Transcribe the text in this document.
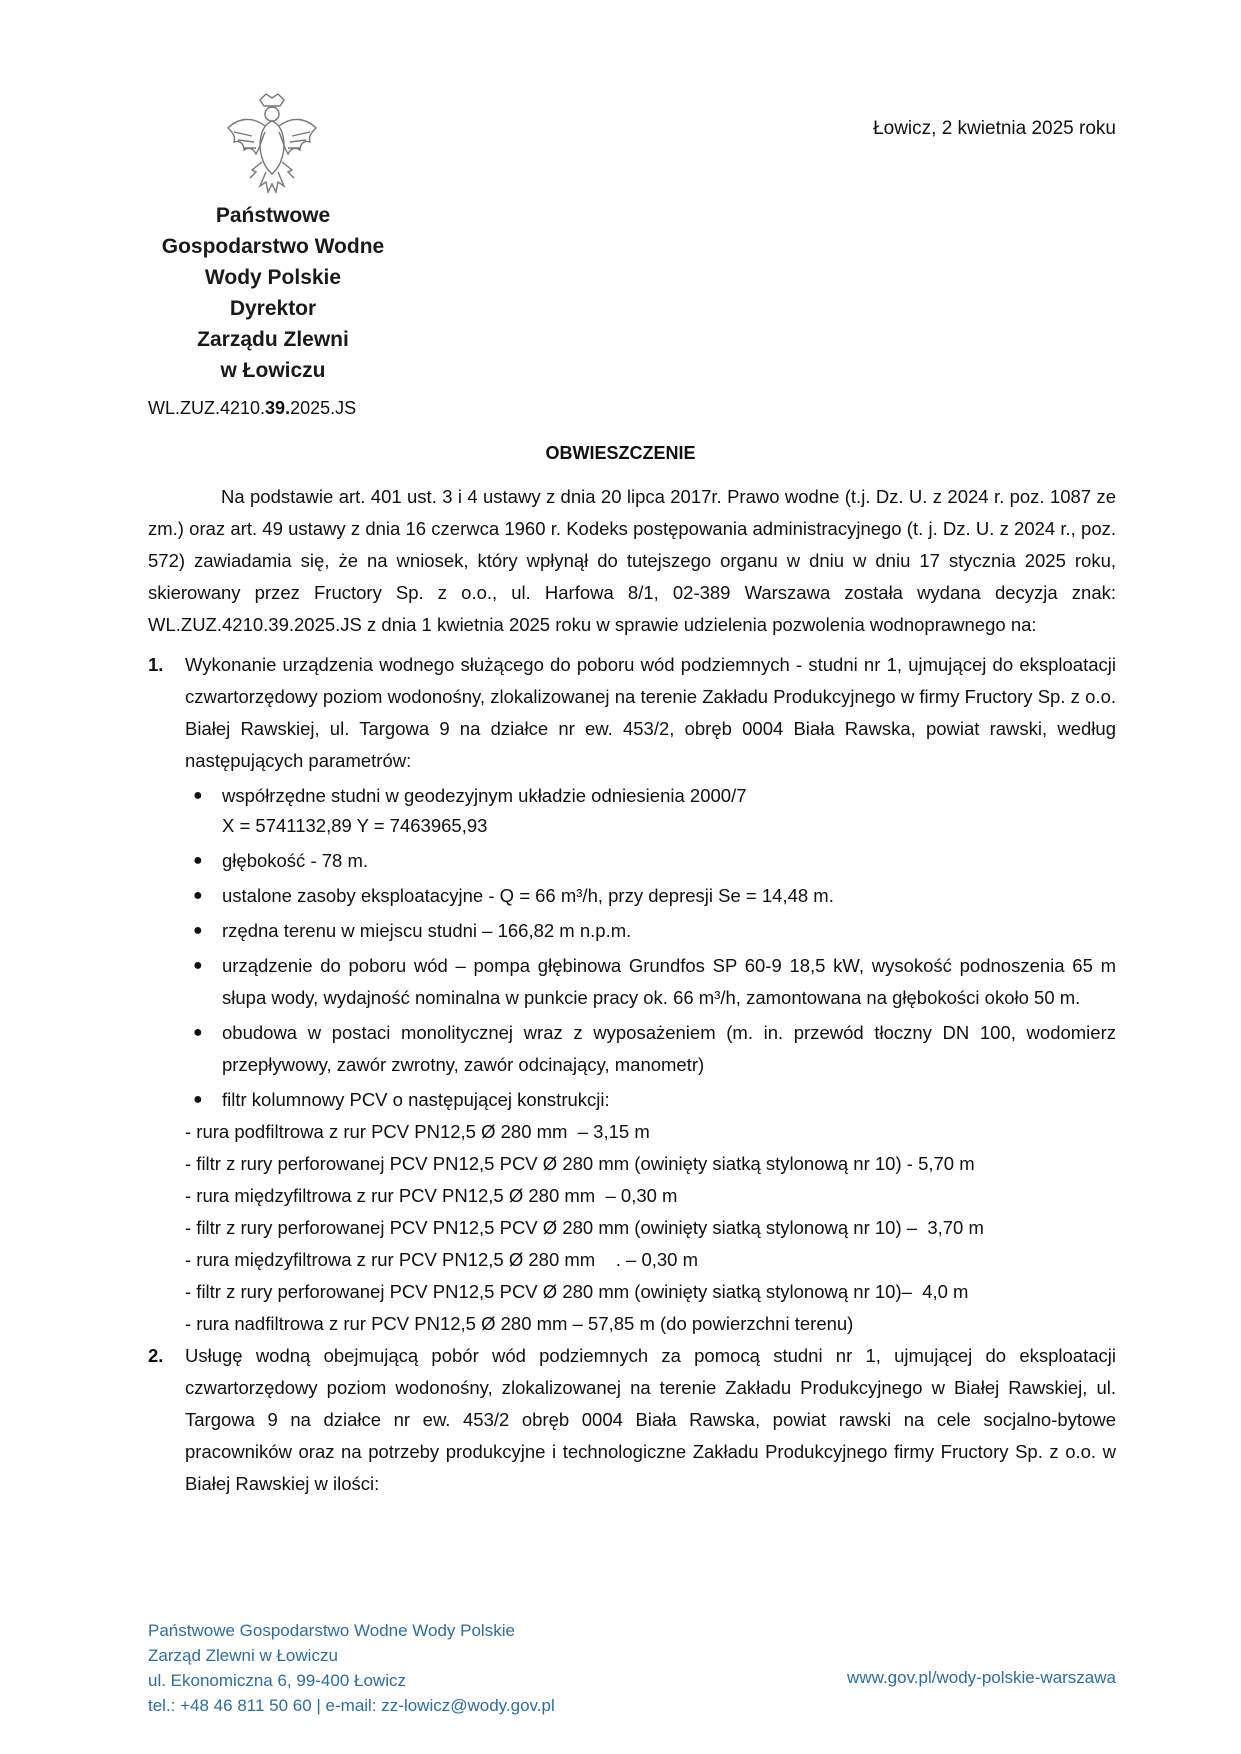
Łowicz, 2 kwietnia 2025 roku
Państwowe
Gospodarstwo Wodne
Wody Polskie
Dyrektor
Zarządu Zlewni
w Łowiczu
WL.ZUZ.4210.39.2025.JS
OBWIESZCZENIE

Na podstawie art. 401 ust. 3 i 4 ustawy z dnia 20 lipca 2017r. Prawo wodne (t.j. Dz. U. z 2024 r. poz. 1087 ze zm.) oraz art. 49 ustawy z dnia 16 czerwca 1960 r. Kodeks postępowania administracyjnego (t. j. Dz. U. z 2024 r., poz. 572) zawiadamia się, że na wniosek, który wpłynął do tutejszego organu w dniu w dniu 17 stycznia 2025 roku, skierowany przez Fructory Sp. z o.o., ul. Harfowa 8/1, 02-389 Warszawa została wydana decyzja znak: WL.ZUZ.4210.39.2025.JS z dnia 1 kwietnia 2025 roku w sprawie udzielenia pozwolenia wodnoprawnego na:

1. Wykonanie urządzenia wodnego służącego do poboru wód podziemnych - studni nr 1, ujmującej do eksploatacji czwartorzędowy poziom wodonośny, zlokalizowanej na terenie Zakładu Produkcyjnego w firmy Fructory Sp. z o.o. Białej Rawskiej, ul. Targowa 9 na działce nr ew. 453/2, obręb 0004 Biała Rawska, powiat rawski, według następujących parametrów:

● współrzędne studni w geodezyjnym układzie odniesienia 2000/7
X = 5741132,89 Y = 7463965,93
● głębokość - 78 m.
● ustalone zasoby eksploatacyjne - Q = 66 m³/h, przy depresji Se = 14,48 m.
● rzędna terenu w miejscu studni – 166,82 m n.p.m.
● urządzenie do poboru wód – pompa głębinowa Grundfos SP 60-9 18,5 kW, wysokość podnoszenia 65 m słupa wody, wydajność nominalna w punkcie pracy ok. 66 m³/h, zamontowana na głębokości około 50 m.
● obudowa w postaci monolitycznej wraz z wyposażeniem (m. in. przewód tłoczny DN 100, wodomierz przepływowy, zawór zwrotny, zawór odcinający, manometr)
● filtr kolumnowy PCV o następującej konstrukcji:
- rura podfiltrowa z rur PCV PN12,5 Ø 280 mm  – 3,15 m
- filtr z rury perforowanej PCV PN12,5 PCV Ø 280 mm (owinięty siatką stylonową nr 10) - 5,70 m
- rura międzyfiltrowa z rur PCV PN12,5 Ø 280 mm  – 0,30 m
- filtr z rury perforowanej PCV PN12,5 PCV Ø 280 mm (owinięty siatką stylonową nr 10) –  3,70 m
- rura międzyfiltrowa z rur PCV PN12,5 Ø 280 mm    . – 0,30 m
- filtr z rury perforowanej PCV PN12,5 PCV Ø 280 mm (owinięty siatką stylonową nr 10)–  4,0 m
- rura nadfiltrowa z rur PCV PN12,5 Ø 280 mm – 57,85 m (do powierzchni terenu)
2. Usługę wodną obejmującą pobór wód podziemnych za pomocą studni nr 1, ujmującej do eksploatacji czwartorzędowy poziom wodonośny, zlokalizowanej na terenie Zakładu Produkcyjnego w Białej Rawskiej, ul. Targowa 9 na działce nr ew. 453/2 obręb 0004 Biała Rawska, powiat rawski na cele socjalno-bytowe pracowników oraz na potrzeby produkcyjne i technologiczne Zakładu Produkcyjnego firmy Fructory Sp. z o.o. w Białej Rawskiej w ilości:

Państwowe Gospodarstwo Wodne Wody Polskie
Zarząd Zlewni w Łowiczu
ul. Ekonomiczna 6, 99-400 Łowicz
tel.: +48 46 811 50 60 | e-mail: zz-lowicz@wody.gov.pl
www.gov.pl/wody-polskie-warszawa
